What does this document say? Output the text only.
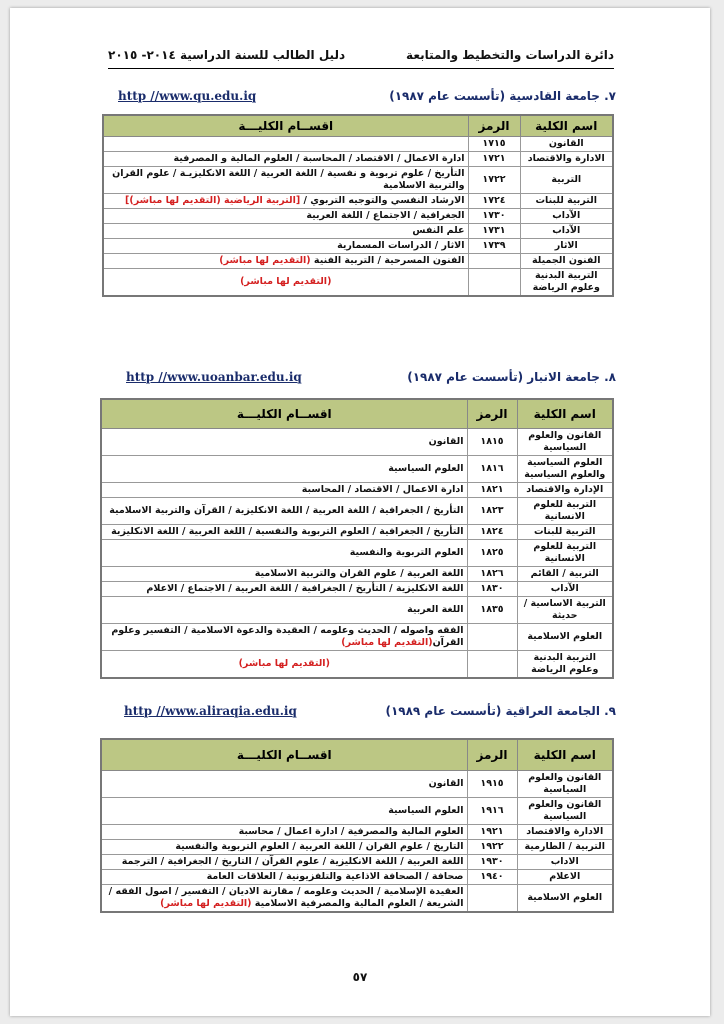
دائرة الدراسات والتخطيط والمتابعة
دليل الطالب للسنة الدراسية ٢٠١٤- ٢٠١٥
٧. جامعة القادسية (تأسست عام ١٩٨٧)
http //www.qu.edu.iq
اسم الكلية	الرمز	اقســام الكليـــة
القانون	١٧١٥	
الادارة والاقتصاد	١٧٢١	ادارة الاعمال / الاقتصاد / المحاسبة / العلوم المالية و المصرفية
التربية	١٧٢٢	التأريخ / علوم تربوية و نفسية / اللغة العربية / اللغة الانكليزيـة / علوم القران والتربية الاسلامية
التربية للبنات	١٧٢٤	الارشاد النفسي والتوجيه التربوي / [التربية الرياضية (التقديم لها مباشر)]
الآداب	١٧٣٠	الجغرافية / الاجتماع / اللغة العربية
الآداب	١٧٣١	علم النفس
الاثار	١٧٣٩	الاثار / الدراسات المسمارية
الفنون الجميلة		الفنون المسرحية / التربية الفنية (التقديم لها مباشر)
التربية البدنية وعلوم الرياضة		(التقديم لها مباشر)
٨. جامعة الانبار (تأسست عام ١٩٨٧)
http //www.uoanbar.edu.iq
اسم الكلية	الرمز	اقســام الكليـــة
القانون والعلوم السياسية	١٨١٥	القانون
العلوم السياسية والعلوم السياسية	١٨١٦	العلوم السياسية
الإدارة والاقتصاد	١٨٢١	ادارة الاعمال / الاقتصاد / المحاسبة
التربية للعلوم الانسانية	١٨٢٣	التأريخ / الجغرافية / اللغة العربية / اللغة الانكليزية / القرآن والتربية الاسلامية
التربية للبنات	١٨٢٤	التأريخ / الجغرافية / العلوم التربوية والنفسية / اللغة العربية / اللغة الانكليزية
التربية للعلوم الانسانية	١٨٢٥	العلوم التربوية والنفسية
التربية / القائم	١٨٢٦	اللغة العربية / علوم القران والتربية الاسلامية
الآداب	١٨٣٠	اللغة الانكليزية / التأريخ / الجغرافية / اللغة العربية / الاجتماع / الاعلام
التربية الاساسية / حديثة	١٨٣٥	اللغة العربية
العلوم الاسلامية		الفقه واصوله / الحديث وعلومه / العقيدة والدعوة الاسلامية / التفسير وعلوم القرآن(التقديم لها مباشر)
التربية البدنية وعلوم الرياضة		(التقديم لها مباشر)
٩. الجامعة العراقية (تأسست عام ١٩٨٩)
http //www.aliraqia.edu.iq
اسم الكلية	الرمز	اقســام الكليـــة
القانون والعلوم السياسية	١٩١٥	القانون
القانون والعلوم السياسية	١٩١٦	العلوم السياسية
الادارة والاقتصاد	١٩٢١	العلوم المالية والمصرفية / ادارة اعمال / محاسبة
التربية / الطارمية	١٩٢٢	التاريخ / علوم القران / اللغة العربية / العلوم التربوية والنفسية
الاداب	١٩٣٠	اللغة العربية / اللغة الانكليزية / علوم القرآن / التاريخ / الجغرافية / الترجمة
الاعلام	١٩٤٠	صحافة / الصحافة الاذاعية والتلفزيونية / العلاقات العامة
العلوم الاسلامية		العقيدة الإسلامية / الحديث وعلومه / مقارنة الاديان / التفسير / اصول الفقه / الشريعة / العلوم المالية والمصرفية الاسلامية (التقديم لها مباشر)
٥٧
